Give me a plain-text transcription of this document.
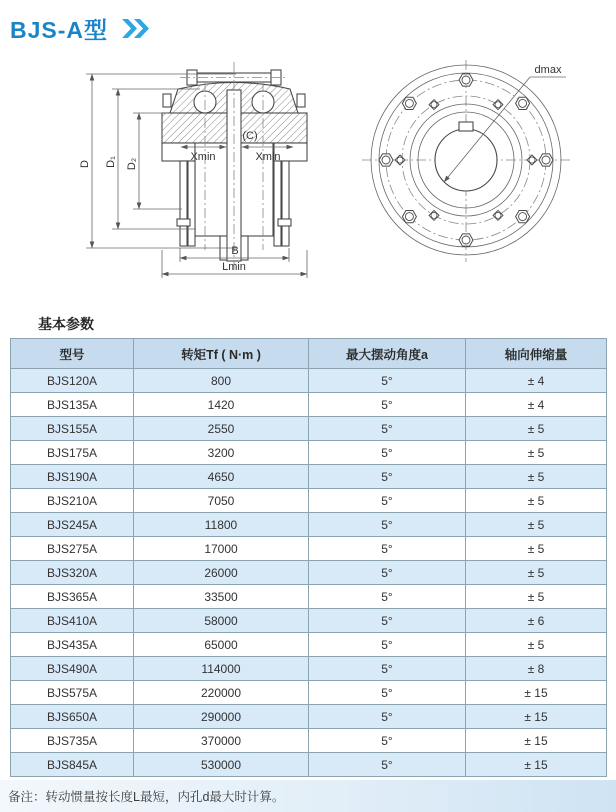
BJS-A型
Xmin	Xmin
(C)
D D₁ D₂
B
Lmin
dmax
基本参数
型号	转矩Tf ( N·m )	最大摆动角度a	轴向伸缩量
BJS120A	800	5°	± 4
BJS135A	1420	5°	± 4
BJS155A	2550	5°	± 5
BJS175A	3200	5°	± 5
BJS190A	4650	5°	± 5
BJS210A	7050	5°	± 5
BJS245A	11800	5°	± 5
BJS275A	17000	5°	± 5
BJS320A	26000	5°	± 5
BJS365A	33500	5°	± 5
BJS410A	58000	5°	± 6
BJS435A	65000	5°	± 5
BJS490A	114000	5°	± 8
BJS575A	220000	5°	± 15
BJS650A	290000	5°	± 15
BJS735A	370000	5°	± 15
BJS845A	530000	5°	± 15
备注：转动惯量按长度L最短，内孔d最大时计算。
